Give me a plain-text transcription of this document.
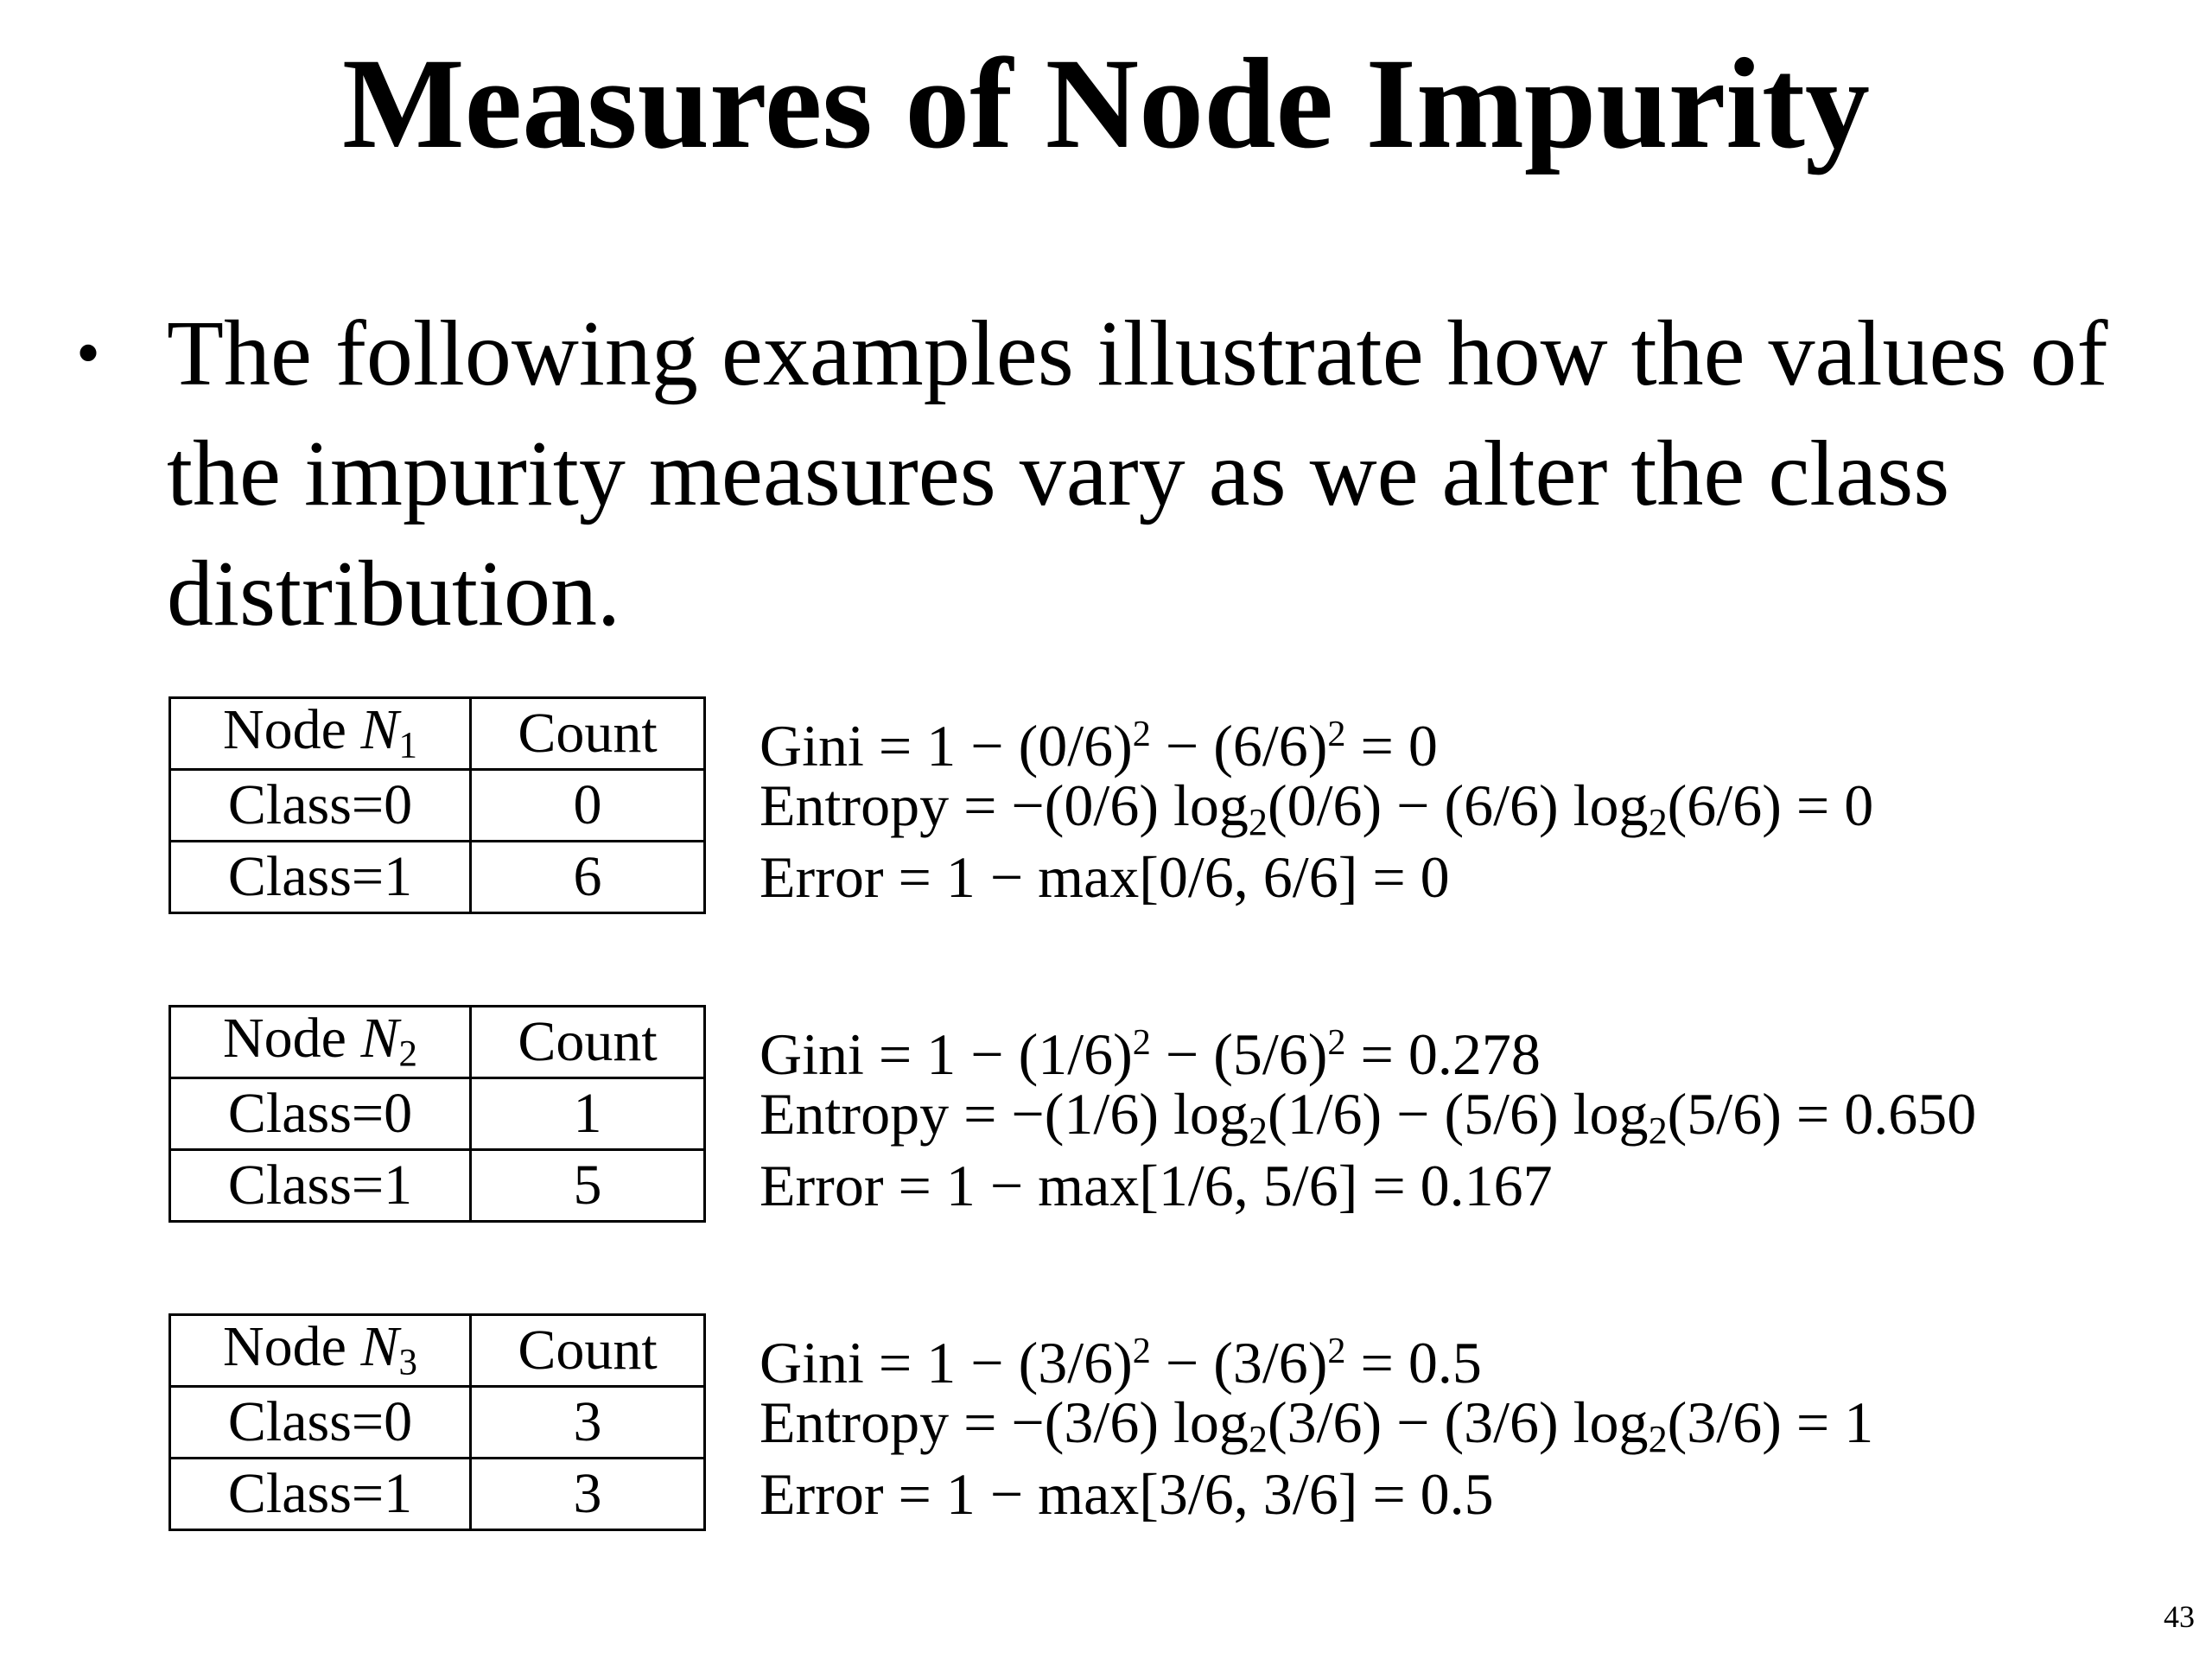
Measures of Node Impurity
• The following examples illustrate how the values of the impurity measures vary as we alter the class distribution.
Node $N_1$	Count
Class=0	0
Class=1	6
Gini = $1 - (0/6)^2 - (6/6)^2 = 0$
Entropy = −(0/6) $\log_2(0/6) - (6/6) \log_2(6/6) = 0$
Error = 1 − max[0/6, 6/6] = 0
Node $N_2$	Count
Class=0	1
Class=1	5
Gini = $1 - (1/6)^2 - (5/6)^2 = 0.278$
Entropy = −(1/6) $\log_2(1/6) - (5/6) \log_2(5/6) = 0.650$
Error = 1 − max[1/6, 5/6] = 0.167
Node $N_3$	Count
Class=0	3
Class=1	3
Gini = $1 - (3/6)^2 - (3/6)^2 = 0.5$
Entropy = −(3/6) $\log_2(3/6) - (3/6) \log_2(3/6) = 1$
Error = 1 − max[3/6, 3/6] = 0.5
43
